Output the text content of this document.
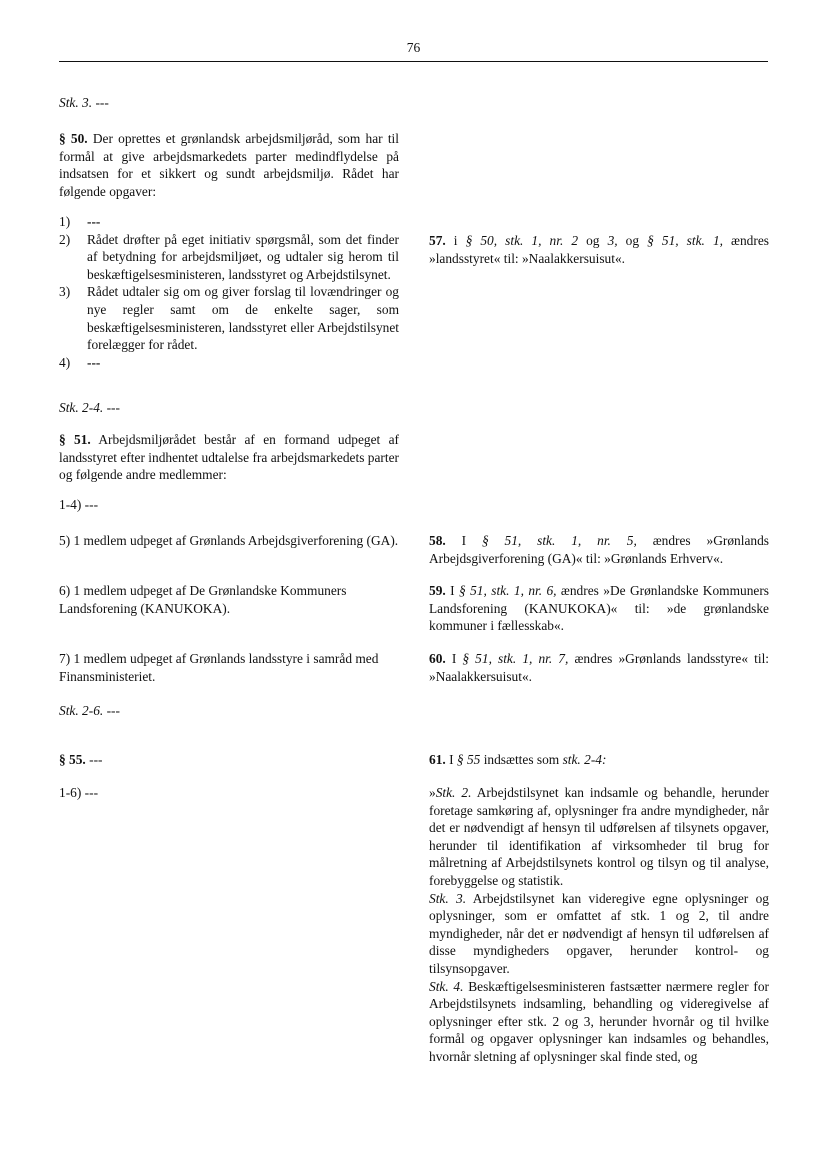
76

Stk. 3. ---

§ 50. Der oprettes et grønlandsk arbejdsmiljøråd, som har til formål at give arbejdsmarkedets parter medindflydelse på indsatsen for et sikkert og sundt arbejdsmiljø. Rådet har følgende opgaver:

1) ---
2) Rådet drøfter på eget initiativ spørgsmål, som det finder af betydning for arbejdsmiljøet, og udtaler sig herom til beskæftigelsesministeren, landsstyret og Arbejdstilsynet.
3) Rådet udtaler sig om og giver forslag til lovændringer og nye regler samt om de enkelte sager, som beskæftigelsesministeren, landsstyret eller Arbejdstilsynet forelægger for rådet.
4) ---

Stk. 2-4. ---

§ 51. Arbejdsmiljørådet består af en formand udpeget af landsstyret efter indhentet udtalelse fra arbejdsmarkedets parter og følgende andre medlemmer:

1-4) ---

5) 1 medlem udpeget af Grønlands Arbejdsgiverforening (GA).

6) 1 medlem udpeget af De Grønlandske Kommuners Landsforening (KANUKOKA).

7) 1 medlem udpeget af Grønlands landsstyre i samråd med Finansministeriet.

Stk. 2-6. ---

§ 55. ---

1-6) ---

57. i § 50, stk. 1, nr. 2 og 3, og § 51, stk. 1, ændres »landsstyret« til: »Naalakkersuisut«.

58. I § 51, stk. 1, nr. 5, ændres »Grønlands Arbejdsgiverforening (GA)« til: »Grønlands Erhverv«.

59. I § 51, stk. 1, nr. 6, ændres »De Grønlandske Kommuners Landsforening (KANUKOKA)« til: »de grønlandske kommuner i fællesskab«.

60. I § 51, stk. 1, nr. 7, ændres »Grønlands landsstyre« til: »Naalakkersuisut«.

61. I § 55 indsættes som stk. 2-4:

»Stk. 2. Arbejdstilsynet kan indsamle og behandle, herunder foretage samkøring af, oplysninger fra andre myndigheder, når det er nødvendigt af hensyn til udførelsen af tilsynets opgaver, herunder til identifikation af virksomheder til brug for målretning af Arbejdstilsynets kontrol og tilsyn og til analyse, forebyggelse og statistik.

Stk. 3. Arbejdstilsynet kan videregive egne oplysninger og oplysninger, som er omfattet af stk. 1 og 2, til andre myndigheder, når det er nødvendigt af hensyn til udførelsen af disse myndigheders opgaver, herunder kontrol- og tilsynsopgaver.

Stk. 4. Beskæftigelsesministeren fastsætter nærmere regler for Arbejdstilsynets indsamling, behandling og videregivelse af oplysninger efter stk. 2 og 3, herunder hvornår og til hvilke formål og opgaver oplysninger kan indsamles og behandles, hvornår sletning af oplysninger skal finde sted, og
